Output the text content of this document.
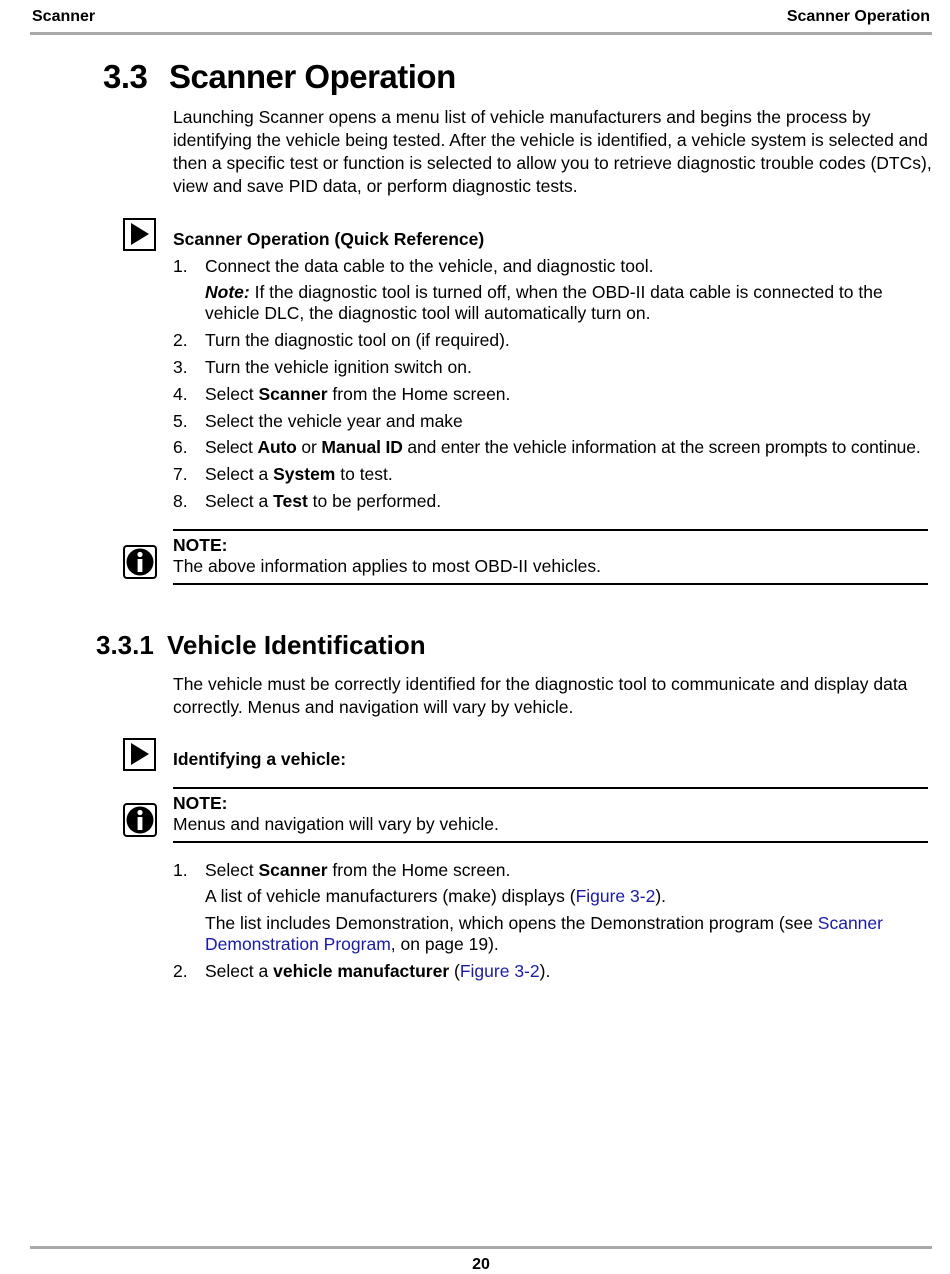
Scanner	Scanner Operation
3.3 Scanner Operation
Launching Scanner opens a menu list of vehicle manufacturers and begins the process by identifying the vehicle being tested. After the vehicle is identified, a vehicle system is selected and then a specific test or function is selected to allow you to retrieve diagnostic trouble codes (DTCs), view and save PID data, or perform diagnostic tests.
Scanner Operation (Quick Reference)
1. Connect the data cable to the vehicle, and diagnostic tool.
Note: If the diagnostic tool is turned off, when the OBD-II data cable is connected to the vehicle DLC, the diagnostic tool will automatically turn on.
2. Turn the diagnostic tool on (if required).
3. Turn the vehicle ignition switch on.
4. Select Scanner from the Home screen.
5. Select the vehicle year and make
6. Select Auto or Manual ID and enter the vehicle information at the screen prompts to continue.
7. Select a System to test.
8. Select a Test to be performed.
NOTE:
The above information applies to most OBD-II vehicles.
3.3.1 Vehicle Identification
The vehicle must be correctly identified for the diagnostic tool to communicate and display data correctly. Menus and navigation will vary by vehicle.
Identifying a vehicle:
NOTE:
Menus and navigation will vary by vehicle.
1. Select Scanner from the Home screen.
A list of vehicle manufacturers (make) displays (Figure 3-2).
The list includes Demonstration, which opens the Demonstration program (see Scanner Demonstration Program, on page 19).
2. Select a vehicle manufacturer (Figure 3-2).
20
